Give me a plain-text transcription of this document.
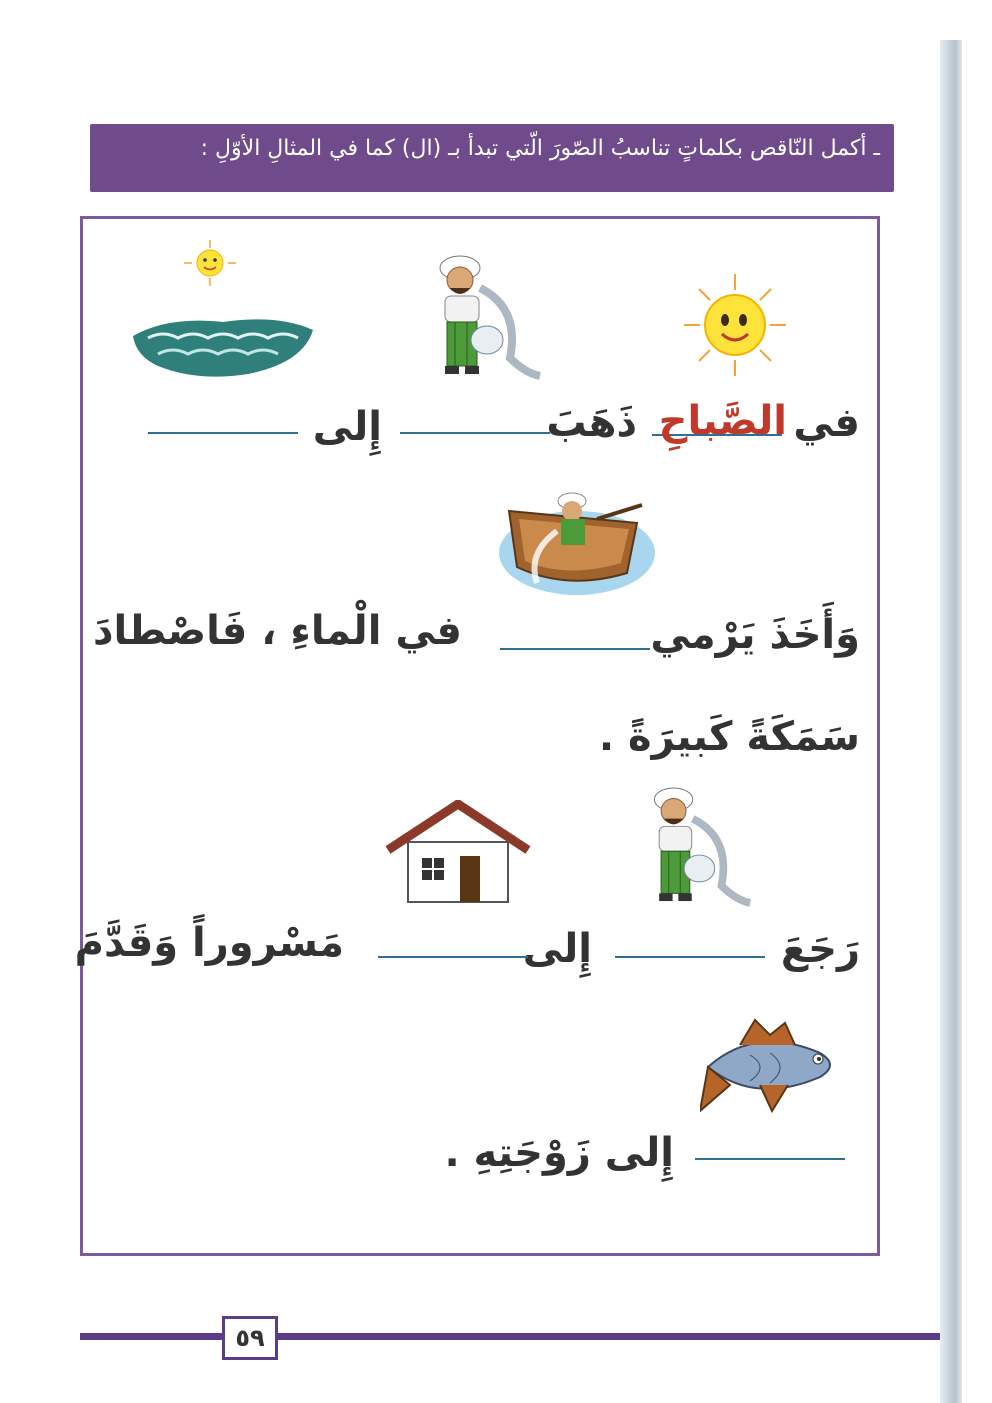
ـ أكمل النّاقص بكلماتٍ تناسبُ الصّورَ الّتي تبدأ بـ (ال) كما في المثالِ الأوّلِ :
في
الصَّباحِ
ذَهَبَ
إِلى
وَأَخَذَ يَرْمي
في الْماءِ ، فَاصْطادَ
سَمَكَةً كَبيرَةً .
رَجَعَ
إِلى
مَسْروراً وَقَدَّمَ
إِلى زَوْجَتِهِ .
٥٩
